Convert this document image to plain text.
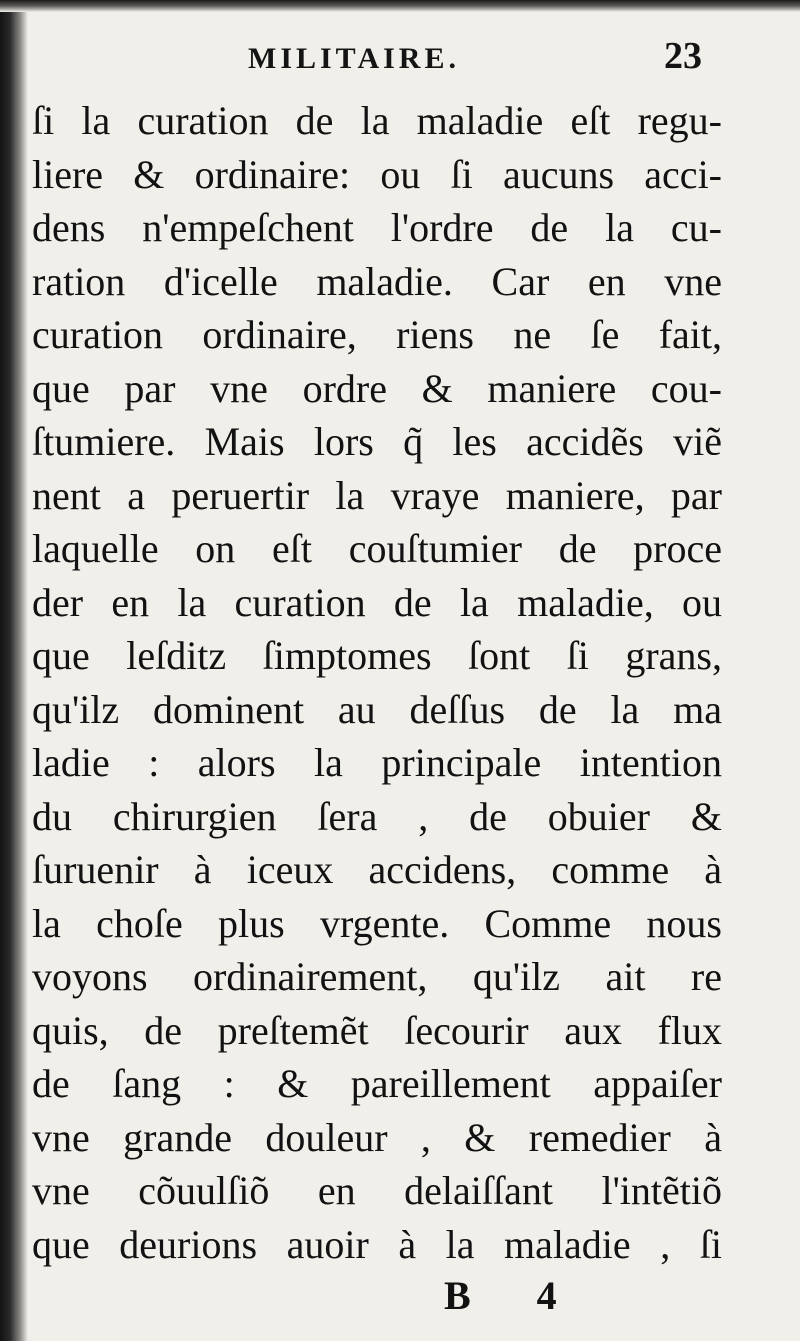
MILITAIRE.	23
ſi la curation de la maladie eſt regu-
liere & ordinaire: ou ſi aucuns acci-
dens n'empeſchent l'ordre de la cu-
ration d'icelle maladie. Car en vne
curation ordinaire, riens ne ſe fait,
que par vne ordre & maniere cou-
ſtumiere. Mais lors q̃ les accidẽs viẽ
nent a peruertir la vraye maniere, par
laquelle on eſt couſtumier de proce
der en la curation de la maladie, ou
que leſditz ſimptomes ſont ſi grans,
qu'ilz dominent au deſſus de la ma
ladie : alors la principale intention
du chirurgien ſera , de obuier &
ſuruenir à iceux accidens, comme à
la choſe plus vrgente. Comme nous
voyons ordinairement, qu'ilz ait re
quis, de preſtemẽt ſecourir aux flux
de ſang : & pareillement appaiſer
vne grande douleur , & remedier à
vne cõuulſiõ en delaiſſant l'intẽtiõ
que deurions auoir à la maladie , ſi
B 4
